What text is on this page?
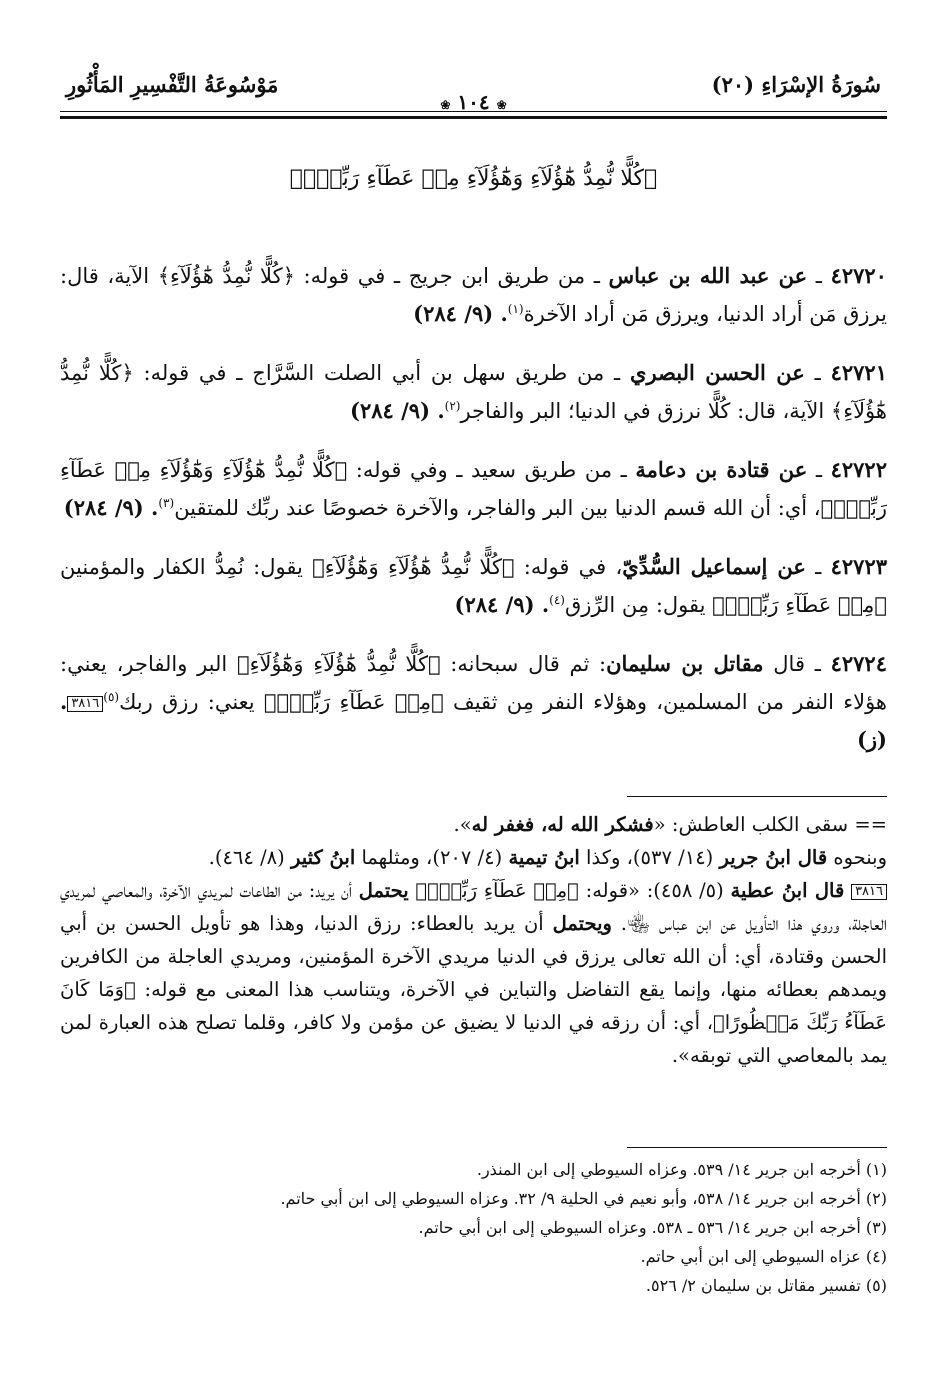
سُورَةُ الإسْرَاءِ (٢٠)
مَوْسُوعَةُ التَّفْسِيرِ المَأْثُورِ
❀ ١٠٤ ❀
﴿كُلًّا نُّمِدُّ هَٰٓؤُلَآءِ وَهَٰٓؤُلَآءِ مِنۡ عَطَآءِ رَبِّكَۚ﴾

٤٢٧٢٠ ـ عن عبد الله بن عباس ـ من طريق ابن جريج ـ في قوله: ﴿كُلًّا نُّمِدُّ هَٰٓؤُلَآءِ﴾ الآية، قال: يرزق مَن أراد الدنيا، ويرزق مَن أراد الآخرة$^{(١)}$. (٩/ ٢٨٤)

٤٢٧٢١ ـ عن الحسن البصري ـ من طريق سهل بن أبي الصلت السَّرَّاج ـ في قوله: ﴿كُلًّا نُّمِدُّ هَٰٓؤُلَآءِ﴾ الآية، قال: كُلًّا نرزق في الدنيا؛ البر والفاجر$^{(٢)}$. (٩/ ٢٨٤)

٤٢٧٢٢ ـ عن قتادة بن دعامة ـ من طريق سعيد ـ وفي قوله: ﴿كُلًّا نُّمِدُّ هَٰٓؤُلَآءِ وَهَٰٓؤُلَآءِ مِنۡ عَطَآءِ رَبِّكَۚ﴾، أي: أن الله قسم الدنيا بين البر والفاجر، والآخرة خصوصًا عند ربِّك للمتقين$^{(٣)}$. (٩/ ٢٨٤)

٤٢٧٢٣ ـ عن إسماعيل السُّدِّيّ، في قوله: ﴿كُلًّا نُّمِدُّ هَٰٓؤُلَآءِ وَهَٰٓؤُلَآءِ﴾ يقول: نُمِدُّ الكفار والمؤمنين ﴿مِنۡ عَطَآءِ رَبِّكَۚ﴾ يقول: مِن الرِّزق$^{(٤)}$. (٩/ ٢٨٤)

٤٢٧٢٤ ـ قال مقاتل بن سليمان: ثم قال سبحانه: ﴿كُلًّا نُّمِدُّ هَٰٓؤُلَآءِ وَهَٰٓؤُلَآءِ﴾ البر والفاجر، يعني: هؤلاء النفر من المسلمين، وهؤلاء النفر مِن ثقيف ﴿مِنۡ عَطَآءِ رَبِّكَۚ﴾ يعني: رزق ربك$^{(٥)}$٣٨١٦. (ز)

== سقى الكلب العاطش: «فشكر الله له، فغفر له».

وبنحوه قال ابنُ جرير (١٤/ ٥٣٧)، وكذا ابنُ تيمية (٤/ ٢٠٧)، ومثلهما ابنُ كثير (٨/ ٤٦٤).

٣٨١٦ قال ابنُ عطية (٥/ ٤٥٨): «قوله: ﴿مِنۡ عَطَآءِ رَبِّكَۚ﴾ يحتمل أن يريد: من الطاعات لمريدي الآخرة، والمعاصي لمريدي العاجلة، وروي هذا التأويل عن ابن عباس ﵄. ويحتمل أن يريد بالعطاء: رزق الدنيا، وهذا هو تأويل الحسن بن أبي الحسن وقتادة، أي: أن الله تعالى يرزق في الدنيا مريدي الآخرة المؤمنين، ومريدي العاجلة من الكافرين ويمدهم بعطائه منها، وإنما يقع التفاضل والتباين في الآخرة، ويتناسب هذا المعنى مع قوله: ﴿وَمَا كَانَ عَطَآءُ رَبِّكَ مَحۡظُورًا﴾، أي: أن رزقه في الدنيا لا يضيق عن مؤمن ولا كافر، وقلما تصلح هذه العبارة لمن يمد بالمعاصي التي توبقه».

(١) أخرجه ابن جرير ١٤/ ٥٣٩. وعزاه السيوطي إلى ابن المنذر.

(٢) أخرجه ابن جرير ١٤/ ٥٣٨، وأبو نعيم في الحلية ٩/ ٣٢. وعزاه السيوطي إلى ابن أبي حاتم.

(٣) أخرجه ابن جرير ١٤/ ٥٣٦ ـ ٥٣٨. وعزاه السيوطي إلى ابن أبي حاتم.

(٤) عزاه السيوطي إلى ابن أبي حاتم.

(٥) تفسير مقاتل بن سليمان ٢/ ٥٢٦.
